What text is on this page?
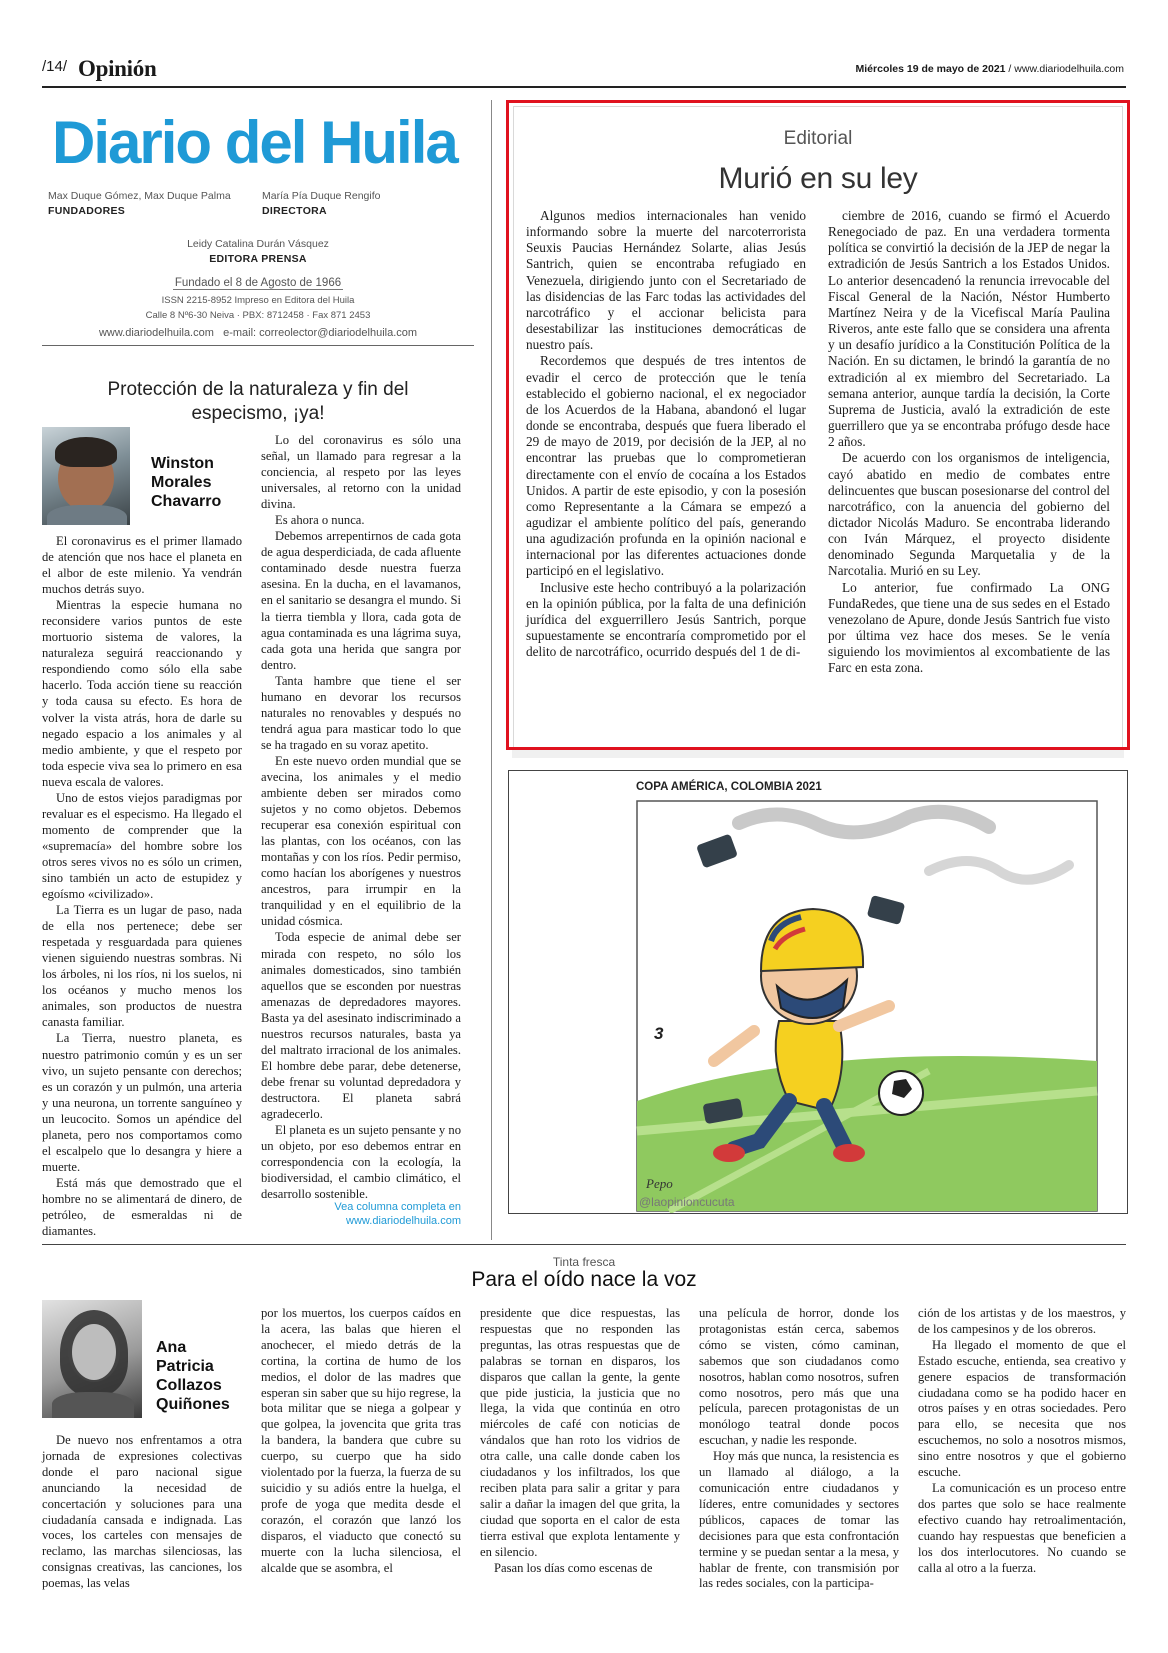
/14/ Opinión	Miércoles 19 de mayo de 2021 / www.diariodelhuila.com
Diario del Huila
Max Duque Gómez, Max Duque Palma
FUNDADORES
María Pía Duque Rengifo
DIRECTORA
Leidy Catalina Durán Vásquez
EDITORA PRENSA
Fundado el 8 de Agosto de 1966
ISSN 2215-8952 Impreso en Editora del Huila
Calle 8 Nº6-30 Neiva · PBX: 8712458 · Fax 871 2453
www.diariodelhuila.com e-mail: correolector@diariodelhuila.com
Protección de la naturaleza y fin del
especismo, ¡ya!
Winston
Morales
Chavarro

El coronavirus es el primer llamado de atención que nos hace el planeta en el albor de este milenio. Ya vendrán muchos detrás suyo.

Mientras la especie humana no reconsidere varios puntos de este mortuorio sistema de valores, la naturaleza seguirá reaccionando y respondiendo como sólo ella sabe hacerlo. Toda acción tiene su reacción y toda causa su efecto. Es hora de volver la vista atrás, hora de darle su negado espacio a los animales y al medio ambiente, y que el respeto por toda especie viva sea lo primero en esa nueva escala de valores.

Uno de estos viejos paradigmas por revaluar es el especismo. Ha llegado el momento de comprender que la «supremacía» del hombre sobre los otros seres vivos no es sólo un crimen, sino también un acto de estupidez y egoísmo «civilizado».

La Tierra es un lugar de paso, nada de ella nos pertenece; debe ser respetada y resguardada para quienes vienen siguiendo nuestras sombras. Ni los árboles, ni los ríos, ni los suelos, ni los océanos y mucho menos los animales, son productos de nuestra canasta familiar.

La Tierra, nuestro planeta, es nuestro patrimonio común y es un ser vivo, un sujeto pensante con derechos; es un corazón y un pulmón, una arteria y una neurona, un torrente sanguíneo y un leucocito. Somos un apéndice del planeta, pero nos comportamos como el escalpelo que lo desangra y hiere a muerte.

Está más que demostrado que el hombre no se alimentará de dinero, de petróleo, de esmeraldas ni de diamantes.

Lo del coronavirus es sólo una señal, un llamado para regresar a la conciencia, al respeto por las leyes universales, al retorno con la unidad divina.

Es ahora o nunca.

Debemos arrepentirnos de cada gota de agua desperdiciada, de cada afluente contaminado desde nuestra fuerza asesina. En la ducha, en el lavamanos, en el sanitario se desangra el mundo. Si la tierra tiembla y llora, cada gota de agua contaminada es una lágrima suya, cada gota una herida que sangra por dentro.

Tanta hambre que tiene el ser humano en devorar los recursos naturales no renovables y después no tendrá agua para masticar todo lo que se ha tragado en su voraz apetito.

En este nuevo orden mundial que se avecina, los animales y el medio ambiente deben ser mirados como sujetos y no como objetos. Debemos recuperar esa conexión espiritual con las plantas, con los océanos, con las montañas y con los ríos. Pedir permiso, como hacían los aborígenes y nuestros ancestros, para irrumpir en la tranquilidad y en el equilibrio de la unidad cósmica.

Toda especie de animal debe ser mirada con respeto, no sólo los animales domesticados, sino también aquellos que se esconden por nuestras amenazas de depredadores mayores. Basta ya del asesinato indiscriminado a nuestros recursos naturales, basta ya del maltrato irracional de los animales. El hombre debe parar, debe detenerse, debe frenar su voluntad depredadora y destructora. El planeta sabrá agradecerlo.

El planeta es un sujeto pensante y no un objeto, por eso debemos entrar en correspondencia con la ecología, la biodiversidad, el cambio climático, el desarrollo sostenible.

Vea columna completa en
www.diariodelhuila.com
Editorial
Murió en su ley

Algunos medios internacionales han venido informando sobre la muerte del narcoterrorista Seuxis Paucias Hernández Solarte, alias Jesús Santrich, quien se encontraba refugiado en Venezuela, dirigiendo junto con el Secretariado de las disidencias de las Farc todas las actividades del narcotráfico y el accionar belicista para desestabilizar las instituciones democráticas de nuestro país.

Recordemos que después de tres intentos de evadir el cerco de protección que le tenía establecido el gobierno nacional, el ex negociador de los Acuerdos de la Habana, abandonó el lugar donde se encontraba, después que fuera liberado el 29 de mayo de 2019, por decisión de la JEP, al no encontrar las pruebas que lo comprometieran directamente con el envío de cocaína a los Estados Unidos. A partir de este episodio, y con la posesión como Representante a la Cámara se empezó a agudizar el ambiente político del país, generando una agudización profunda en la opinión nacional e internacional por las diferentes actuaciones donde participó en el legislativo.

Inclusive este hecho contribuyó a la polarización en la opinión pública, por la falta de una definición jurídica del exguerrillero Jesús Santrich, porque supuestamente se encontraría comprometido por el delito de narcotráfico, ocurrido después del 1 de di-

ciembre de 2016, cuando se firmó el Acuerdo Renegociado de paz. En una verdadera tormenta política se convirtió la decisión de la JEP de negar la extradición de Jesús Santrich a los Estados Unidos. Lo anterior desencadenó la renuncia irrevocable del Fiscal General de la Nación, Néstor Humberto Martínez Neira y de la Vicefiscal María Paulina Riveros, ante este fallo que se considera una afrenta y un desafío jurídico a la Constitución Política de la Nación. En su dictamen, le brindó la garantía de no extradición al ex miembro del Secretariado. La semana anterior, aunque tardía la decisión, la Corte Suprema de Justicia, avaló la extradición de este guerrillero que ya se encontraba prófugo desde hace 2 años.

De acuerdo con los organismos de inteligencia, cayó abatido en medio de combates entre delincuentes que buscan posesionarse del control del narcotráfico, con la anuencia del gobierno del dictador Nicolás Maduro. Se encontraba liderando con Iván Márquez, el proyecto disidente denominado Segunda Marquetalia y de la Narcotalia. Murió en su Ley.

Lo anterior, fue confirmado La ONG FundaRedes, que tiene una de sus sedes en el Estado venezolano de Apure, donde Jesús Santrich fue visto por última vez hace dos meses. Se le venía siguiendo los movimientos al excombatiente de las Farc en esta zona.

COPA AMÉRICA, COLOMBIA 2021
3
Pepo
@laopinioncucuta
Tinta fresca
Para el oído nace la voz
Ana
Patricia
Collazos
Quiñones

De nuevo nos enfrentamos a otra jornada de expresiones colectivas donde el paro nacional sigue anunciando la necesidad de concertación y soluciones para una ciudadanía cansada e indignada. Las voces, los carteles con mensajes de reclamo, las marchas silenciosas, las consignas creativas, las canciones, los poemas, las velas

por los muertos, los cuerpos caídos en la acera, las balas que hieren el anochecer, el miedo detrás de la cortina, la cortina de humo de los medios, el dolor de las madres que esperan sin saber que su hijo regrese, la bota militar que se niega a golpear y que golpea, la jovencita que grita tras la bandera, la bandera que cubre su cuerpo, su cuerpo que ha sido violentado por la fuerza, la fuerza de su suicidio y su adiós entre la huelga, el profe de yoga que medita desde el corazón, el corazón que lanzó los disparos, el viaducto que conectó su muerte con la lucha silenciosa, el alcalde que se asombra, el

presidente que dice respuestas, las respuestas que no responden las preguntas, las otras respuestas que de palabras se tornan en disparos, los disparos que callan la gente, la gente que pide justicia, la justicia que no llega, la vida que continúa en otro miércoles de café con noticias de vándalos que han roto los vidrios de otra calle, una calle donde caben los ciudadanos y los infiltrados, los que reciben plata para salir a gritar y para salir a dañar la imagen del que grita, la ciudad que soporta en el calor de esta tierra estival que explota lentamente y en silencio.

Pasan los días como escenas de

una película de horror, donde los protagonistas están cerca, sabemos cómo se visten, cómo caminan, sabemos que son ciudadanos como nosotros, hablan como nosotros, sufren como nosotros, pero más que una película, parecen protagonistas de un monólogo teatral donde pocos escuchan, y nadie les responde.

Hoy más que nunca, la resistencia es un llamado al diálogo, a la comunicación entre ciudadanos y líderes, entre comunidades y sectores públicos, capaces de tomar las decisiones para que esta confrontación termine y se puedan sentar a la mesa, y hablar de frente, con transmisión por las redes sociales, con la participa-

ción de los artistas y de los maestros, y de los campesinos y de los obreros.

Ha llegado el momento de que el Estado escuche, entienda, sea creativo y genere espacios de transformación ciudadana como se ha podido hacer en otros países y en otras sociedades. Pero para ello, se necesita que nos escuchemos, no solo a nosotros mismos, sino entre nosotros y que el gobierno escuche.

La comunicación es un proceso entre dos partes que solo se hace realmente efectivo cuando hay retroalimentación, cuando hay respuestas que beneficien a los dos interlocutores. No cuando se calla al otro a la fuerza.
